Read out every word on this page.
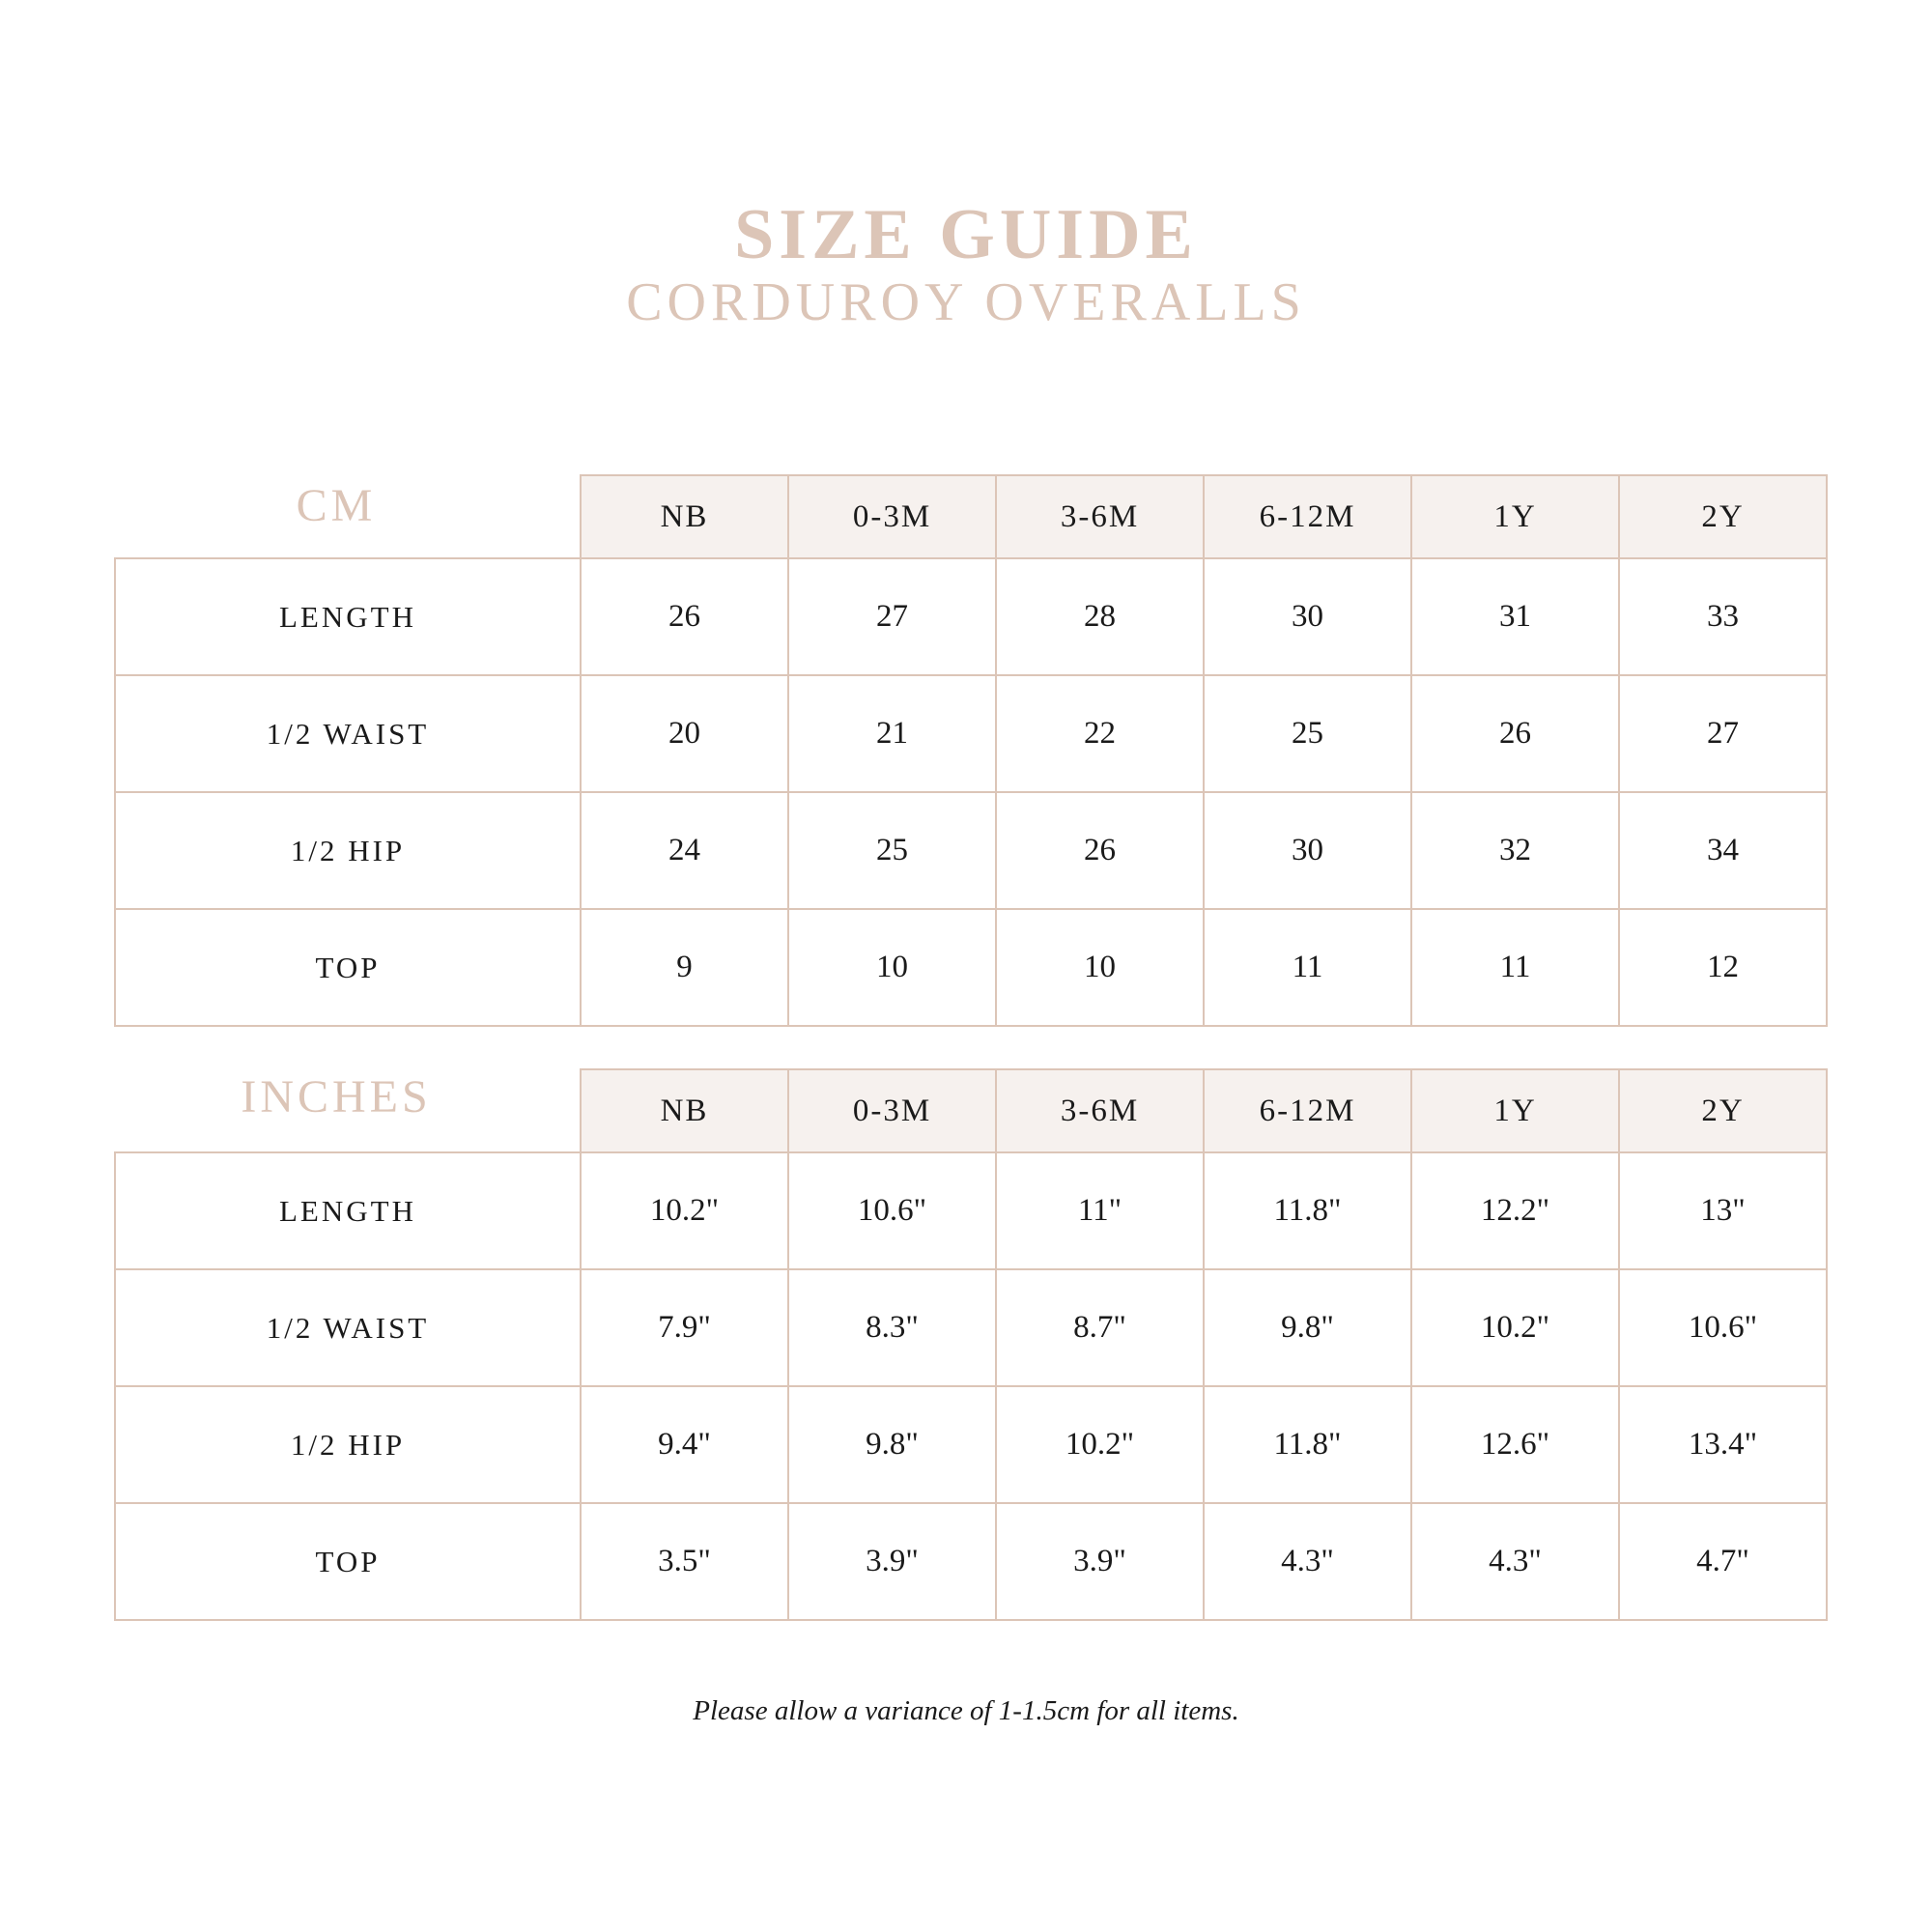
SIZE GUIDE
CORDUROY OVERALLS
CM
INCHES
NB	0-3M	3-6M	6-12M	1Y	2Y
LENGTH	26	27	28	30	31	33
1/2 WAIST	20	21	22	25	26	27
1/2 HIP	24	25	26	30	32	34
TOP	9	10	10	11	11	12
NB	0-3M	3-6M	6-12M	1Y	2Y
LENGTH	10.2"	10.6"	11"	11.8"	12.2"	13"
1/2 WAIST	7.9"	8.3"	8.7"	9.8"	10.2"	10.6"
1/2 HIP	9.4"	9.8"	10.2"	11.8"	12.6"	13.4"
TOP	3.5"	3.9"	3.9"	4.3"	4.3"	4.7"
Please allow a variance of 1-1.5cm for all items.
